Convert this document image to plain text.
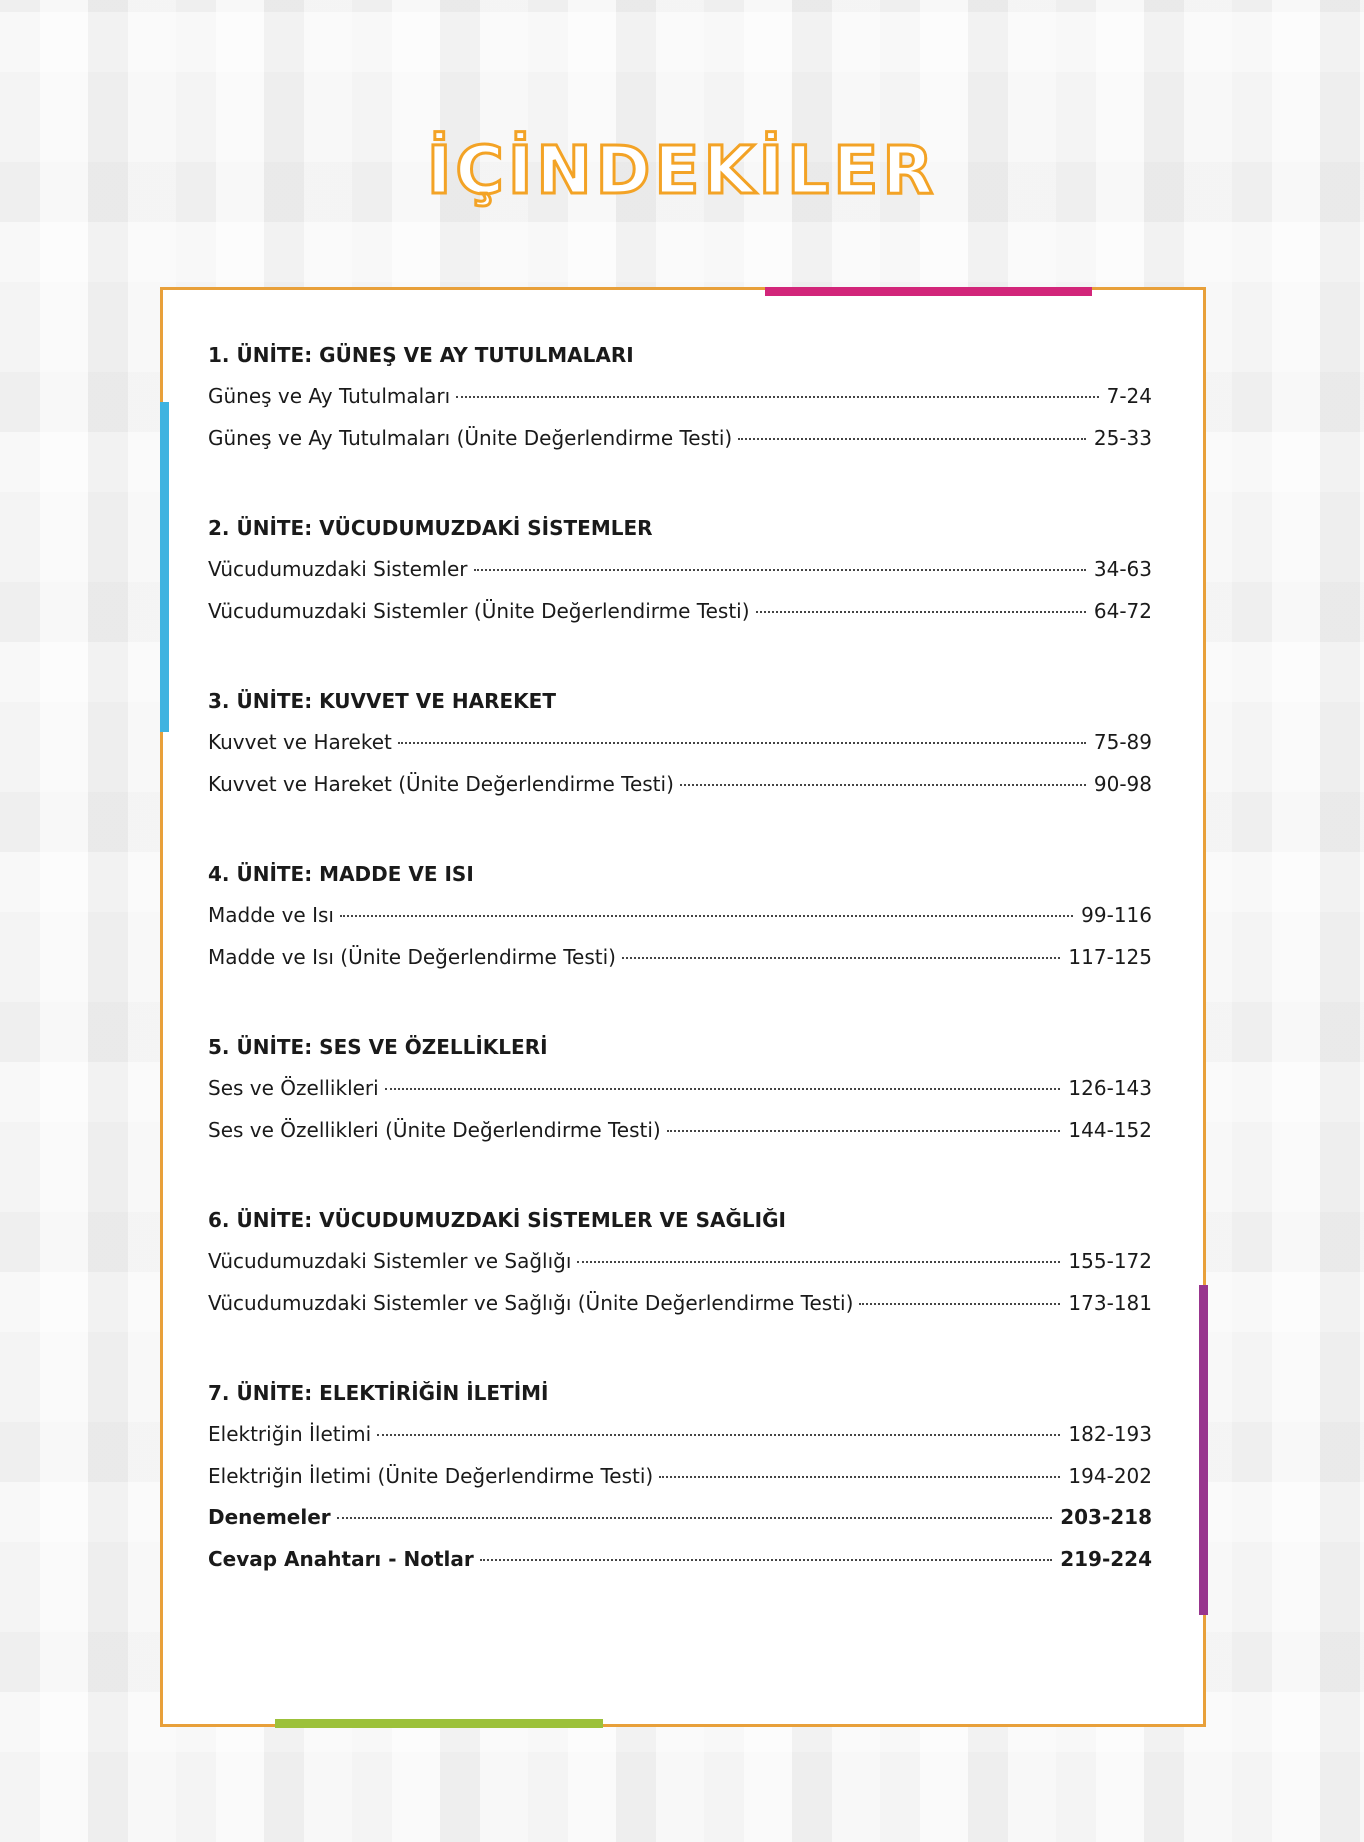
İÇİNDEKİLER
1. ÜNİTE: GÜNEŞ VE AY TUTULMALARI
Güneş ve Ay Tutulmaları	7-24
Güneş ve Ay Tutulmaları (Ünite Değerlendirme Testi)	25-33
2. ÜNİTE: VÜCUDUMUZDAKİ SİSTEMLER
Vücudumuzdaki Sistemler	34-63
Vücudumuzdaki Sistemler (Ünite Değerlendirme Testi)	64-72
3. ÜNİTE: KUVVET VE HAREKET
Kuvvet ve Hareket	75-89
Kuvvet ve Hareket (Ünite Değerlendirme Testi)	90-98
4. ÜNİTE: MADDE VE ISI
Madde ve Isı	99-116
Madde ve Isı (Ünite Değerlendirme Testi)	117-125
5. ÜNİTE: SES VE ÖZELLİKLERİ
Ses ve Özellikleri	126-143
Ses ve Özellikleri (Ünite Değerlendirme Testi)	144-152
6. ÜNİTE: VÜCUDUMUZDAKİ SİSTEMLER VE SAĞLIĞI
Vücudumuzdaki Sistemler ve Sağlığı	155-172
Vücudumuzdaki Sistemler ve Sağlığı (Ünite Değerlendirme Testi)	173-181
7. ÜNİTE: ELEKTİRİĞİN İLETİMİ
Elektriğin İletimi	182-193
Elektriğin İletimi (Ünite Değerlendirme Testi)	194-202
Denemeler	203-218
Cevap Anahtarı - Notlar	219-224
